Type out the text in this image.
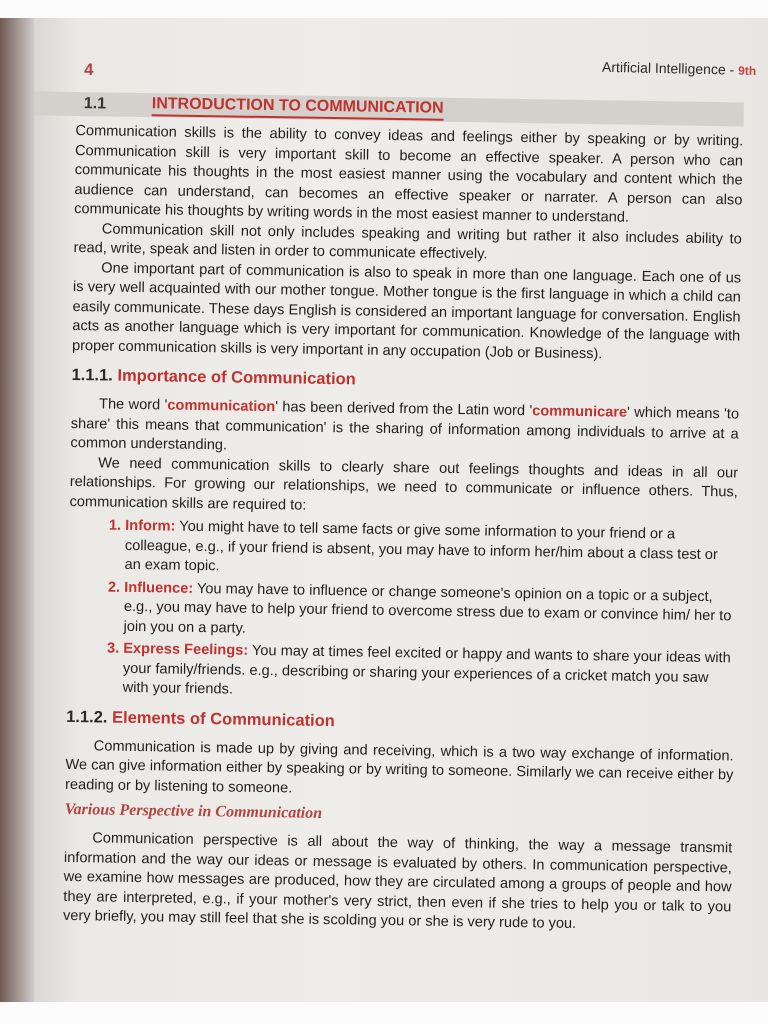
4	Artificial Intelligence - 9th
1.1	INTRODUCTION TO COMMUNICATION

Communication skills is the ability to convey ideas and feelings either by speaking or by writing. Communication skill is very important skill to become an effective speaker. A person who can communicate his thoughts in the most easiest manner using the vocabulary and content which the audience can understand, can becomes an effective speaker or narrater. A person can also communicate his thoughts by writing words in the most easiest manner to understand.

Communication skill not only includes speaking and writing but rather it also includes ability to read, write, speak and listen in order to communicate effectively.

One important part of communication is also to speak in more than one language. Each one of us is very well acquainted with our mother tongue. Mother tongue is the first language in which a child can easily communicate. These days English is considered an important language for conversation. English acts as another language which is very important for communication. Knowledge of the language with proper communication skills is very important in any occupation (Job or Business).

1.1.1. Importance of Communication

The word 'communication' has been derived from the Latin word 'communicare' which means 'to share' this means that communication' is the sharing of information among individuals to arrive at a common understanding.

We need communication skills to clearly share out feelings thoughts and ideas in all our relationships. For growing our relationships, we need to communicate or influence others. Thus, communication skills are required to:

1. Inform: You might have to tell same facts or give some information to your friend or a colleague, e.g., if your friend is absent, you may have to inform her/him about a class test or an exam topic.
2. Influence: You may have to influence or change someone's opinion on a topic or a subject, e.g., you may have to help your friend to overcome stress due to exam or convince him/ her to join you on a party.
3. Express Feelings: You may at times feel excited or happy and wants to share your ideas with your family/friends. e.g., describing or sharing your experiences of a cricket match you saw with your friends.
1.1.2. Elements of Communication

Communication is made up by giving and receiving, which is a two way exchange of information. We can give information either by speaking or by writing to someone. Similarly we can receive either by reading or by listening to someone.

Various Perspective in Communication

Communication perspective is all about the way of thinking, the way a message transmit information and the way our ideas or message is evaluated by others. In communication perspective, we examine how messages are produced, how they are circulated among a groups of people and how they are interpreted, e.g., if your mother's very strict, then even if she tries to help you or talk to you very briefly, you may still feel that she is scolding you or she is very rude to you.
